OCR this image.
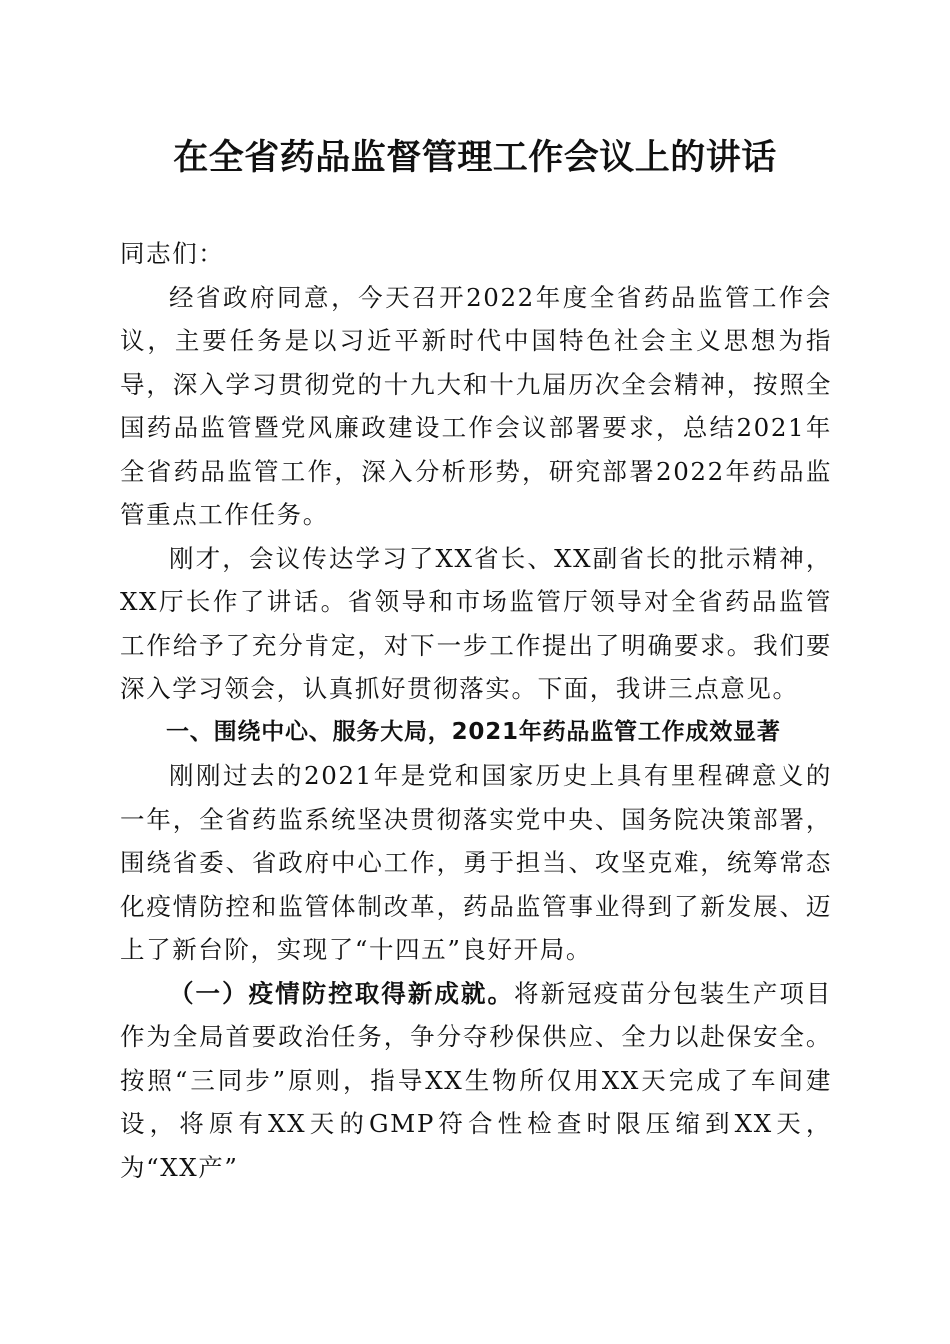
在全省药品监督管理工作会议上的讲话

同志们：

经省政府同意，今天召开2022年度全省药品监管工作会议，主要任务是以习近平新时代中国特色社会主义思想为指导，深入学习贯彻党的十九大和十九届历次全会精神，按照全国药品监管暨党风廉政建设工作会议部署要求，总结2021年全省药品监管工作，深入分析形势，研究部署2022年药品监管重点工作任务。

刚才，会议传达学习了XX省长、XX副省长的批示精神，XX厅长作了讲话。省领导和市场监管厅领导对全省药品监管工作给予了充分肯定，对下一步工作提出了明确要求。我们要深入学习领会，认真抓好贯彻落实。下面，我讲三点意见。

一、围绕中心、服务大局，2021年药品监管工作成效显著

刚刚过去的2021年是党和国家历史上具有里程碑意义的一年，全省药监系统坚决贯彻落实党中央、国务院决策部署，围绕省委、省政府中心工作，勇于担当、攻坚克难，统筹常态化疫情防控和监管体制改革，药品监管事业得到了新发展、迈上了新台阶，实现了“十四五”良好开局。

（一）疫情防控取得新成就。将新冠疫苗分包装生产项目作为全局首要政治任务，争分夺秒保供应、全力以赴保安全。按照“三同步”原则，指导XX生物所仅用XX天完成了车间建设，将原有XX天的GMP符合性检查时限压缩到XX天，为“XX产”
